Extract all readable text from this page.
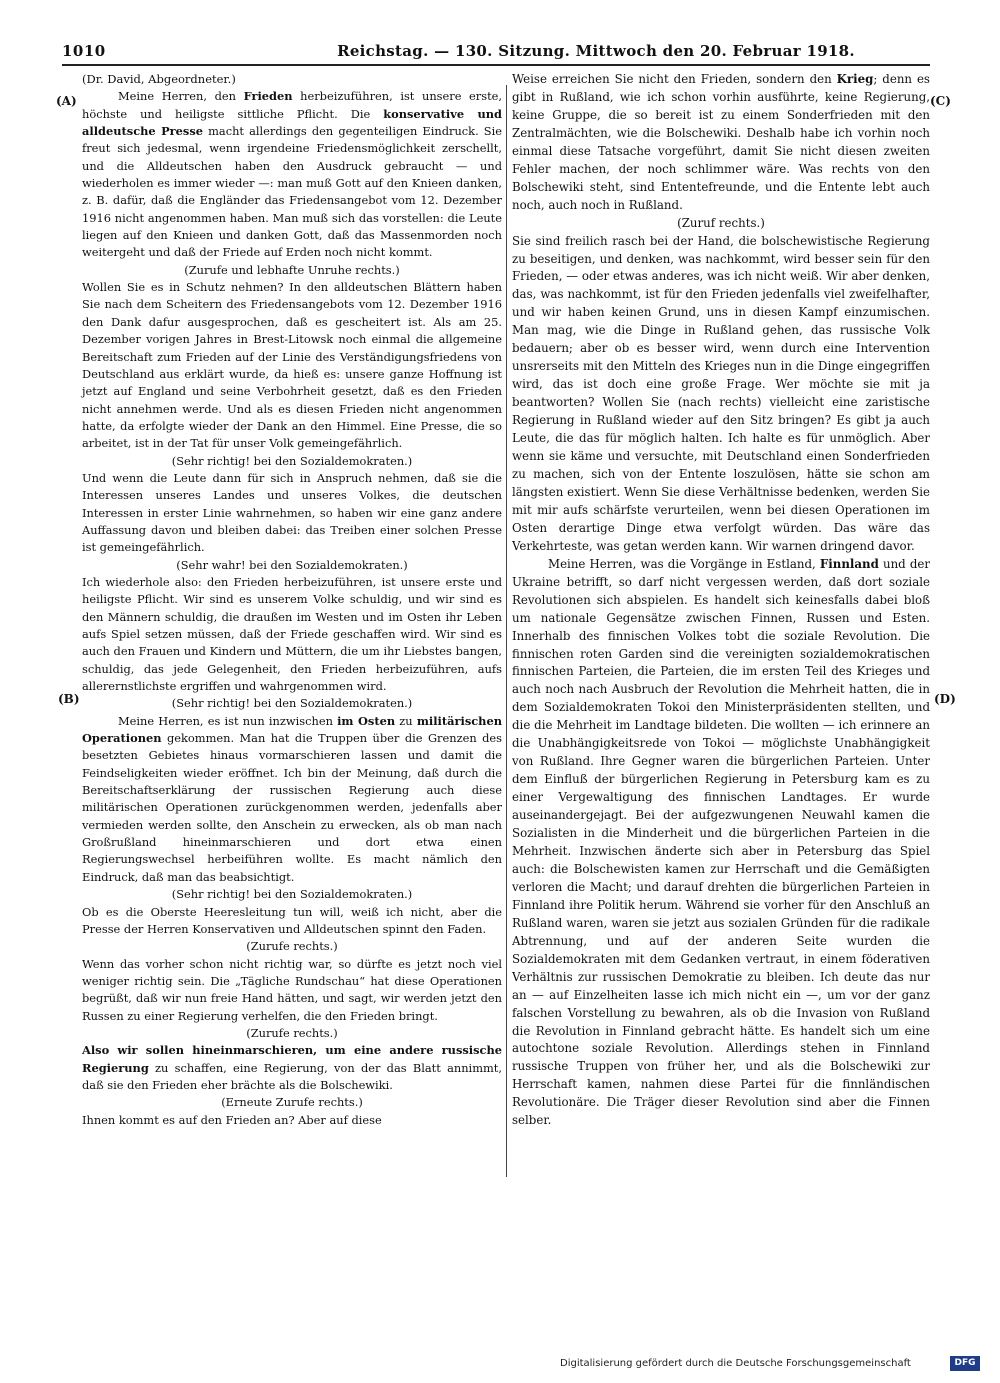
1010	Reichstag. — 130. Sitzung. Mittwoch den 20. Februar 1918.
(A)
(B)
(C)
(D)

(Dr. David, Abgeordneter.)

Meine Herren, den Frieden herbeizuführen, ist unsere erste, höchste und heiligste sittliche Pflicht. Die konservative und alldeutsche Presse macht allerdings den gegenteiligen Eindruck. Sie freut sich jedesmal, wenn irgendeine Friedensmöglichkeit zerschellt, und die Alldeutschen haben den Ausdruck gebraucht — und wiederholen es immer wieder —: man muß Gott auf den Knieen danken, z. B. dafür, daß die Engländer das Friedensangebot vom 12. Dezember 1916 nicht angenommen haben. Man muß sich das vorstellen: die Leute liegen auf den Knieen und danken Gott, daß das Massenmorden noch weitergeht und daß der Friede auf Erden noch nicht kommt.

(Zurufe und lebhafte Unruhe rechts.)

Wollen Sie es in Schutz nehmen? In den alldeutschen Blättern haben Sie nach dem Scheitern des Friedensangebots vom 12. Dezember 1916 den Dank dafur ausgesprochen, daß es gescheitert ist. Als am 25. Dezember vorigen Jahres in Brest-Litowsk noch einmal die allgemeine Bereitschaft zum Frieden auf der Linie des Verständigungsfriedens von Deutschland aus erklärt wurde, da hieß es: unsere ganze Hoffnung ist jetzt auf England und seine Verbohrheit gesetzt, daß es den Frieden nicht annehmen werde. Und als es diesen Frieden nicht angenommen hatte, da erfolgte wieder der Dank an den Himmel. Eine Presse, die so arbeitet, ist in der Tat für unser Volk gemeingefährlich.

(Sehr richtig! bei den Sozialdemokraten.)

Und wenn die Leute dann für sich in Anspruch nehmen, daß sie die Interessen unseres Landes und unseres Volkes, die deutschen Interessen in erster Linie wahrnehmen, so haben wir eine ganz andere Auffassung davon und bleiben dabei: das Treiben einer solchen Presse ist gemeingefährlich.

(Sehr wahr! bei den Sozialdemokraten.)

Ich wiederhole also: den Frieden herbeizuführen, ist unsere erste und heiligste Pflicht. Wir sind es unserem Volke schuldig, und wir sind es den Männern schuldig, die draußen im Westen und im Osten ihr Leben aufs Spiel setzen müssen, daß der Friede geschaffen wird. Wir sind es auch den Frauen und Kindern und Müttern, die um ihr Liebstes bangen, schuldig, das jede Gelegenheit, den Frieden herbeizuführen, aufs allerernstlichste ergriffen und wahrgenommen wird.

(Sehr richtig! bei den Sozialdemokraten.)

Meine Herren, es ist nun inzwischen im Osten zu militärischen Operationen gekommen. Man hat die Truppen über die Grenzen des besetzten Gebietes hinaus vormarschieren lassen und damit die Feindseligkeiten wieder eröffnet. Ich bin der Meinung, daß durch die Bereitschaftserklärung der russischen Regierung auch diese militärischen Operationen zurückgenommen werden, jedenfalls aber vermieden werden sollte, den Anschein zu erwecken, als ob man nach Großrußland hineinmarschieren und dort etwa einen Regierungswechsel herbeiführen wollte. Es macht nämlich den Eindruck, daß man das beabsichtigt.

(Sehr richtig! bei den Sozialdemokraten.)

Ob es die Oberste Heeresleitung tun will, weiß ich nicht, aber die Presse der Herren Konservativen und Alldeutschen spinnt den Faden.

(Zurufe rechts.)

Wenn das vorher schon nicht richtig war, so dürfte es jetzt noch viel weniger richtig sein. Die „Tägliche Rundschau“ hat diese Operationen begrüßt, daß wir nun freie Hand hätten, und sagt, wir werden jetzt den Russen zu einer Regierung verhelfen, die den Frieden bringt.

(Zurufe rechts.)

Also wir sollen hineinmarschieren, um eine andere russische Regierung zu schaffen, eine Regierung, von der das Blatt annimmt, daß sie den Frieden eher brächte als die Bolschewiki.

(Erneute Zurufe rechts.)

Ihnen kommt es auf den Frieden an? Aber auf diese

Weise erreichen Sie nicht den Frieden, sondern den Krieg; denn es gibt in Rußland, wie ich schon vorhin ausführte, keine Regierung, keine Gruppe, die so bereit ist zu einem Sonderfrieden mit den Zentralmächten, wie die Bolschewiki. Deshalb habe ich vorhin noch einmal diese Tatsache vorgeführt, damit Sie nicht diesen zweiten Fehler machen, der noch schlimmer wäre. Was rechts von den Bolschewiki steht, sind Ententefreunde, und die Entente lebt auch noch, auch noch in Rußland.

(Zuruf rechts.)

Sie sind freilich rasch bei der Hand, die bolschewistische Regierung zu beseitigen, und denken, was nachkommt, wird besser sein für den Frieden, — oder etwas anderes, was ich nicht weiß. Wir aber denken, das, was nachkommt, ist für den Frieden jedenfalls viel zweifelhafter, und wir haben keinen Grund, uns in diesen Kampf einzumischen. Man mag, wie die Dinge in Rußland gehen, das russische Volk bedauern; aber ob es besser wird, wenn durch eine Intervention unsrerseits mit den Mitteln des Krieges nun in die Dinge eingegriffen wird, das ist doch eine große Frage. Wer möchte sie mit ja beantworten? Wollen Sie (nach rechts) vielleicht eine zaristische Regierung in Rußland wieder auf den Sitz bringen? Es gibt ja auch Leute, die das für möglich halten. Ich halte es für unmöglich. Aber wenn sie käme und versuchte, mit Deutschland einen Sonderfrieden zu machen, sich von der Entente loszulösen, hätte sie schon am längsten existiert. Wenn Sie diese Verhältnisse bedenken, werden Sie mit mir aufs schärfste verurteilen, wenn bei diesen Operationen im Osten derartige Dinge etwa verfolgt würden. Das wäre das Verkehrteste, was getan werden kann. Wir warnen dringend davor.

Meine Herren, was die Vorgänge in Estland, Finnland und der Ukraine betrifft, so darf nicht vergessen werden, daß dort soziale Revolutionen sich abspielen. Es handelt sich keinesfalls dabei bloß um nationale Gegensätze zwischen Finnen, Russen und Esten. Innerhalb des finnischen Volkes tobt die soziale Revolution. Die finnischen roten Garden sind die vereinigten sozialdemokratischen finnischen Parteien, die Parteien, die im ersten Teil des Krieges und auch noch nach Ausbruch der Revolution die Mehrheit hatten, die in dem Sozialdemokraten Tokoi den Ministerpräsidenten stellten, und die die Mehrheit im Landtage bildeten. Die wollten — ich erinnere an die Unabhängigkeitsrede von Tokoi — möglichste Unabhängigkeit von Rußland. Ihre Gegner waren die bürgerlichen Parteien. Unter dem Einfluß der bürgerlichen Regierung in Petersburg kam es zu einer Vergewaltigung des finnischen Landtages. Er wurde auseinandergejagt. Bei der aufgezwungenen Neuwahl kamen die Sozialisten in die Minderheit und die bürgerlichen Parteien in die Mehrheit. Inzwischen änderte sich aber in Petersburg das Spiel auch: die Bolschewisten kamen zur Herrschaft und die Gemäßigten verloren die Macht; und darauf drehten die bürgerlichen Parteien in Finnland ihre Politik herum. Während sie vorher für den Anschluß an Rußland waren, waren sie jetzt aus sozialen Gründen für die radikale Abtrennung, und auf der anderen Seite wurden die Sozialdemokraten mit dem Gedanken vertraut, in einem föderativen Verhältnis zur russischen Demokratie zu bleiben. Ich deute das nur an — auf Einzelheiten lasse ich mich nicht ein —, um vor der ganz falschen Vorstellung zu bewahren, als ob die Invasion von Rußland die Revolution in Finnland gebracht hätte. Es handelt sich um eine autochtone soziale Revolution. Allerdings stehen in Finnland russische Truppen von früher her, und als die Bolschewiki zur Herrschaft kamen, nahmen diese Partei für die finnländischen Revolutionäre. Die Träger dieser Revolution sind aber die Finnen selber.

Digitalisierung gefördert durch die Deutsche Forschungsgemeinschaft	DFG
